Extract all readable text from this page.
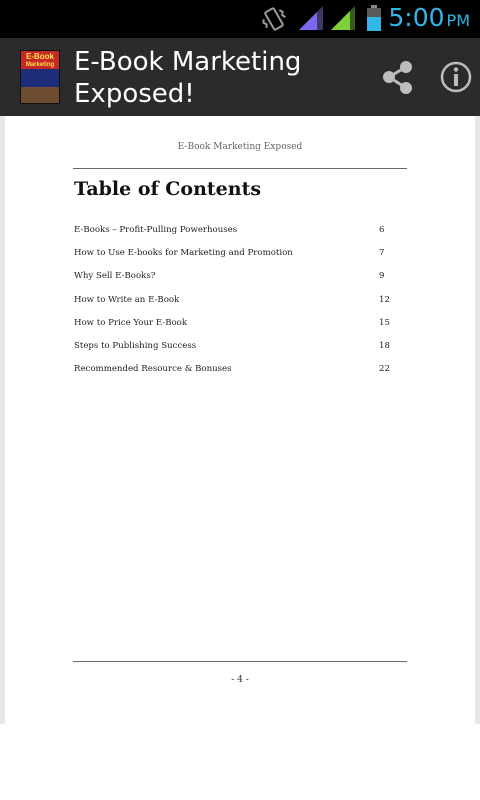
5:00 PM
E-Book
Marketing E-Book Marketing
Exposed!
E-Book Marketing Exposed
Table of Contents
E-Books – Profit-Pulling Powerhouses	6
How to Use E-books for Marketing and Promotion	7
Why Sell E-Books?	9
How to Write an E-Book	12
How to Price Your E-Book	15
Steps to Publishing Success	18
Recommended Resource & Bonuses	22
- 4 -
